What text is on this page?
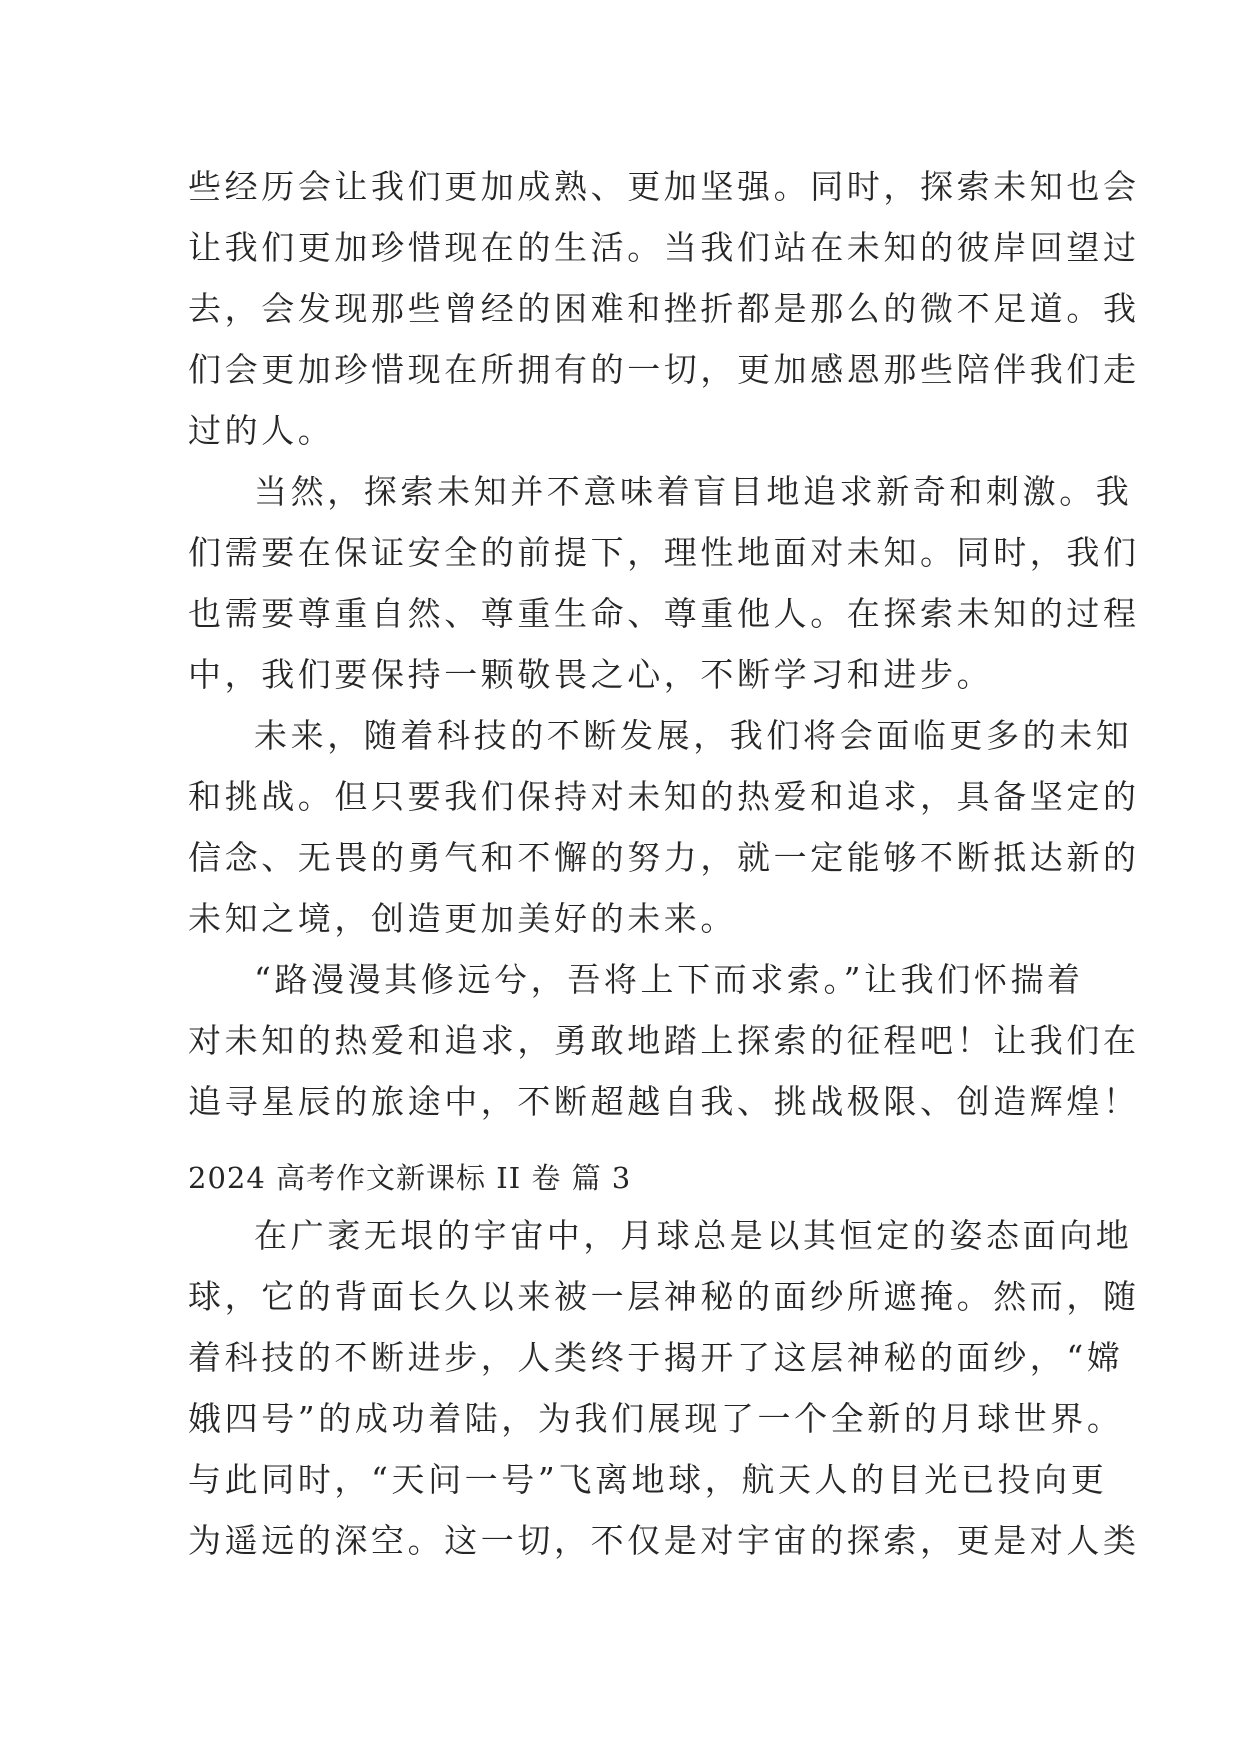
些经历会让我们更加成熟、更加坚强。同时，探索未知也会
让我们更加珍惜现在的生活。当我们站在未知的彼岸回望过
去，会发现那些曾经的困难和挫折都是那么的微不足道。我
们会更加珍惜现在所拥有的一切，更加感恩那些陪伴我们走
过的人。
当然，探索未知并不意味着盲目地追求新奇和刺激。我
们需要在保证安全的前提下，理性地面对未知。同时，我们
也需要尊重自然、尊重生命、尊重他人。在探索未知的过程
中，我们要保持一颗敬畏之心，不断学习和进步。
未来，随着科技的不断发展，我们将会面临更多的未知
和挑战。但只要我们保持对未知的热爱和追求，具备坚定的
信念、无畏的勇气和不懈的努力，就一定能够不断抵达新的
未知之境，创造更加美好的未来。
“路漫漫其修远兮，吾将上下而求索。”让我们怀揣着
对未知的热爱和追求，勇敢地踏上探索的征程吧！让我们在
追寻星辰的旅途中，不断超越自我、挑战极限、创造辉煌！
2024 高考作文新课标 II 卷 篇 3
在广袤无垠的宇宙中，月球总是以其恒定的姿态面向地
球，它的背面长久以来被一层神秘的面纱所遮掩。然而，随
着科技的不断进步，人类终于揭开了这层神秘的面纱，“嫦
娥四号”的成功着陆，为我们展现了一个全新的月球世界。
与此同时，“天问一号”飞离地球，航天人的目光已投向更
为遥远的深空。这一切，不仅是对宇宙的探索，更是对人类
